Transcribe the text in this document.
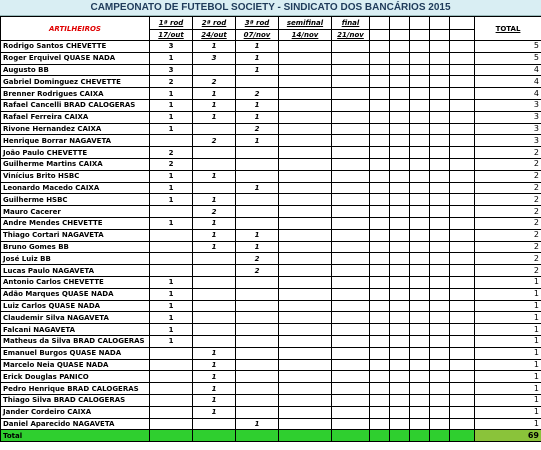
CAMPEONATO DE FUTEBOL SOCIETY - SINDICATO DOS BANCÁRIOS 2015
ARTILHEIROS	1ª rod	2ª rod	3ª rod	semifinal	final						TOTAL
	17/out	24/out	07/nov	14/nov	21/nov						
Rodrigo Santos CHEVETTE	3	1	1								5
Roger Erquivel QUASE NADA	1	3	1								5
Augusto BB	3		1								4
Gabriel Dominguez CHEVETTE	2	2									4
Brenner Rodrigues CAIXA	1	1	2								4
Rafael Cancelli BRAD CALOGERAS	1	1	1								3
Rafael Ferreira CAIXA	1	1	1								3
Rivone Hernandez CAIXA	1		2								3
Henrique Borrar NAGAVETA		2	1								3
João Paulo CHEVETTE	2										2
Guilherme Martins CAIXA	2										2
Vinícius Brito HSBC	1	1									2
Leonardo Macedo CAIXA	1		1								2
Guilherme HSBC	1	1									2
Mauro Cacerer		2									2
Andre Mendes CHEVETTE	1	1									2
Thiago Cortari NAGAVETA		1	1								2
Bruno Gomes BB		1	1								2
José Luiz BB			2								2
Lucas Paulo NAGAVETA			2								2
Antonio Carlos CHEVETTE	1										1
Adão Marques QUASE NADA	1										1
Luiz Carlos QUASE NADA	1										1
Claudemir Silva NAGAVETA	1										1
Falcani NAGAVETA	1										1
Matheus da Silva BRAD CALOGERAS	1										1
Emanuel Burgos QUASE NADA		1									1
Marcelo Neia QUASE NADA		1									1
Erick Douglas PANICO		1									1
Pedro Henrique BRAD CALOGERAS		1									1
Thiago Silva BRAD CALOGERAS		1									1
Jander Cordeiro CAIXA		1									1
Daniel Aparecido NAGAVETA			1								1
Total											69
